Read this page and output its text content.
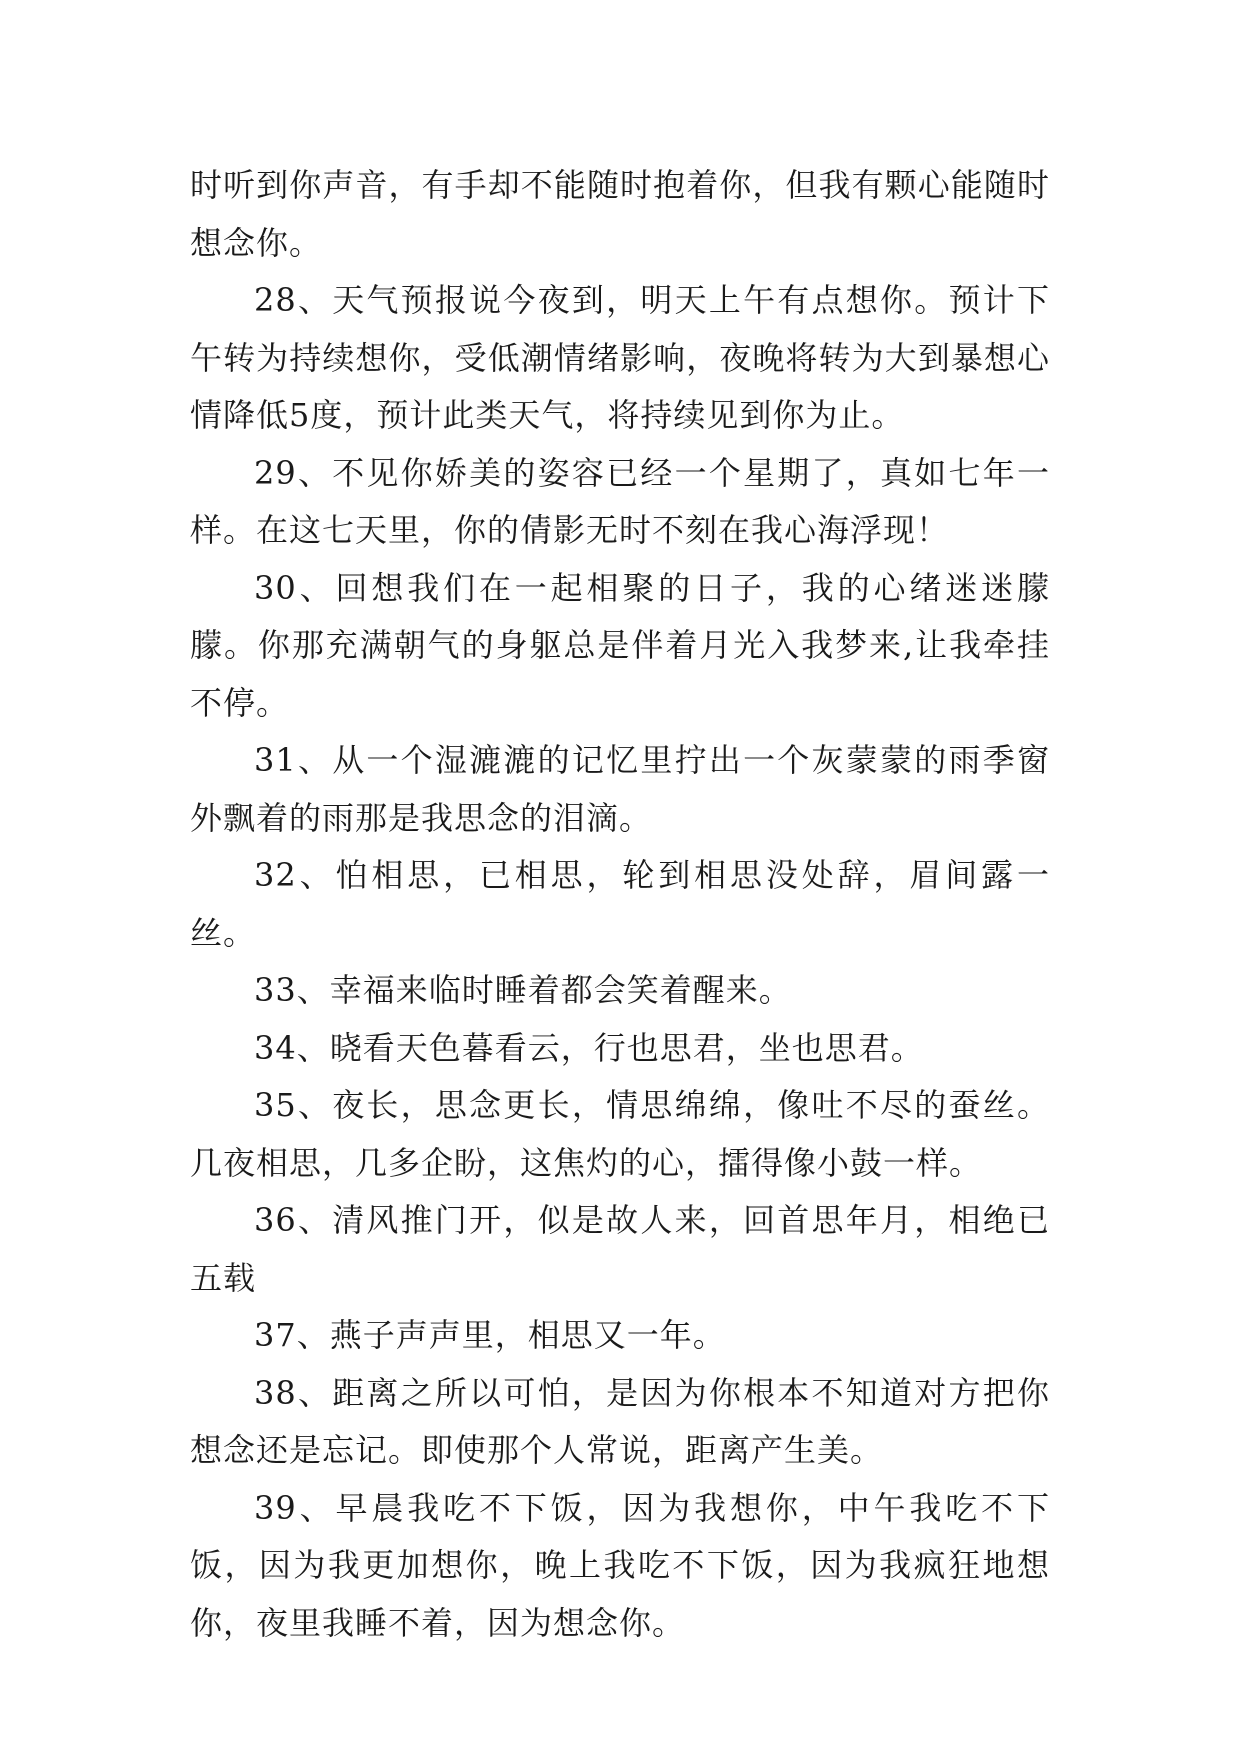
时听到你声音，有手却不能随时抱着你，但我有颗心能随时想念你。

28、天气预报说今夜到，明天上午有点想你。预计下午转为持续想你，受低潮情绪影响，夜晚将转为大到暴想心情降低5度，预计此类天气，将持续见到你为止。

29、不见你娇美的姿容已经一个星期了，真如七年一样。在这七天里，你的倩影无时不刻在我心海浮现！

30、回想我们在一起相聚的日子，我的心绪迷迷朦朦。你那充满朝气的身躯总是伴着月光入我梦来,让我牵挂不停。

31、从一个湿漉漉的记忆里拧出一个灰蒙蒙的雨季窗外飘着的雨那是我思念的泪滴。

32、怕相思，已相思，轮到相思没处辞，眉间露一丝。

33、幸福来临时睡着都会笑着醒来。

34、晓看天色暮看云，行也思君，坐也思君。

35、夜长，思念更长，情思绵绵，像吐不尽的蚕丝。几夜相思，几多企盼，这焦灼的心，擂得像小鼓一样。

36、清风推门开，似是故人来，回首思年月，相绝已五载

37、燕子声声里，相思又一年。

38、距离之所以可怕，是因为你根本不知道对方把你想念还是忘记。即使那个人常说，距离产生美。

39、早晨我吃不下饭，因为我想你，中午我吃不下饭，因为我更加想你，晚上我吃不下饭，因为我疯狂地想你，夜里我睡不着，因为想念你。
